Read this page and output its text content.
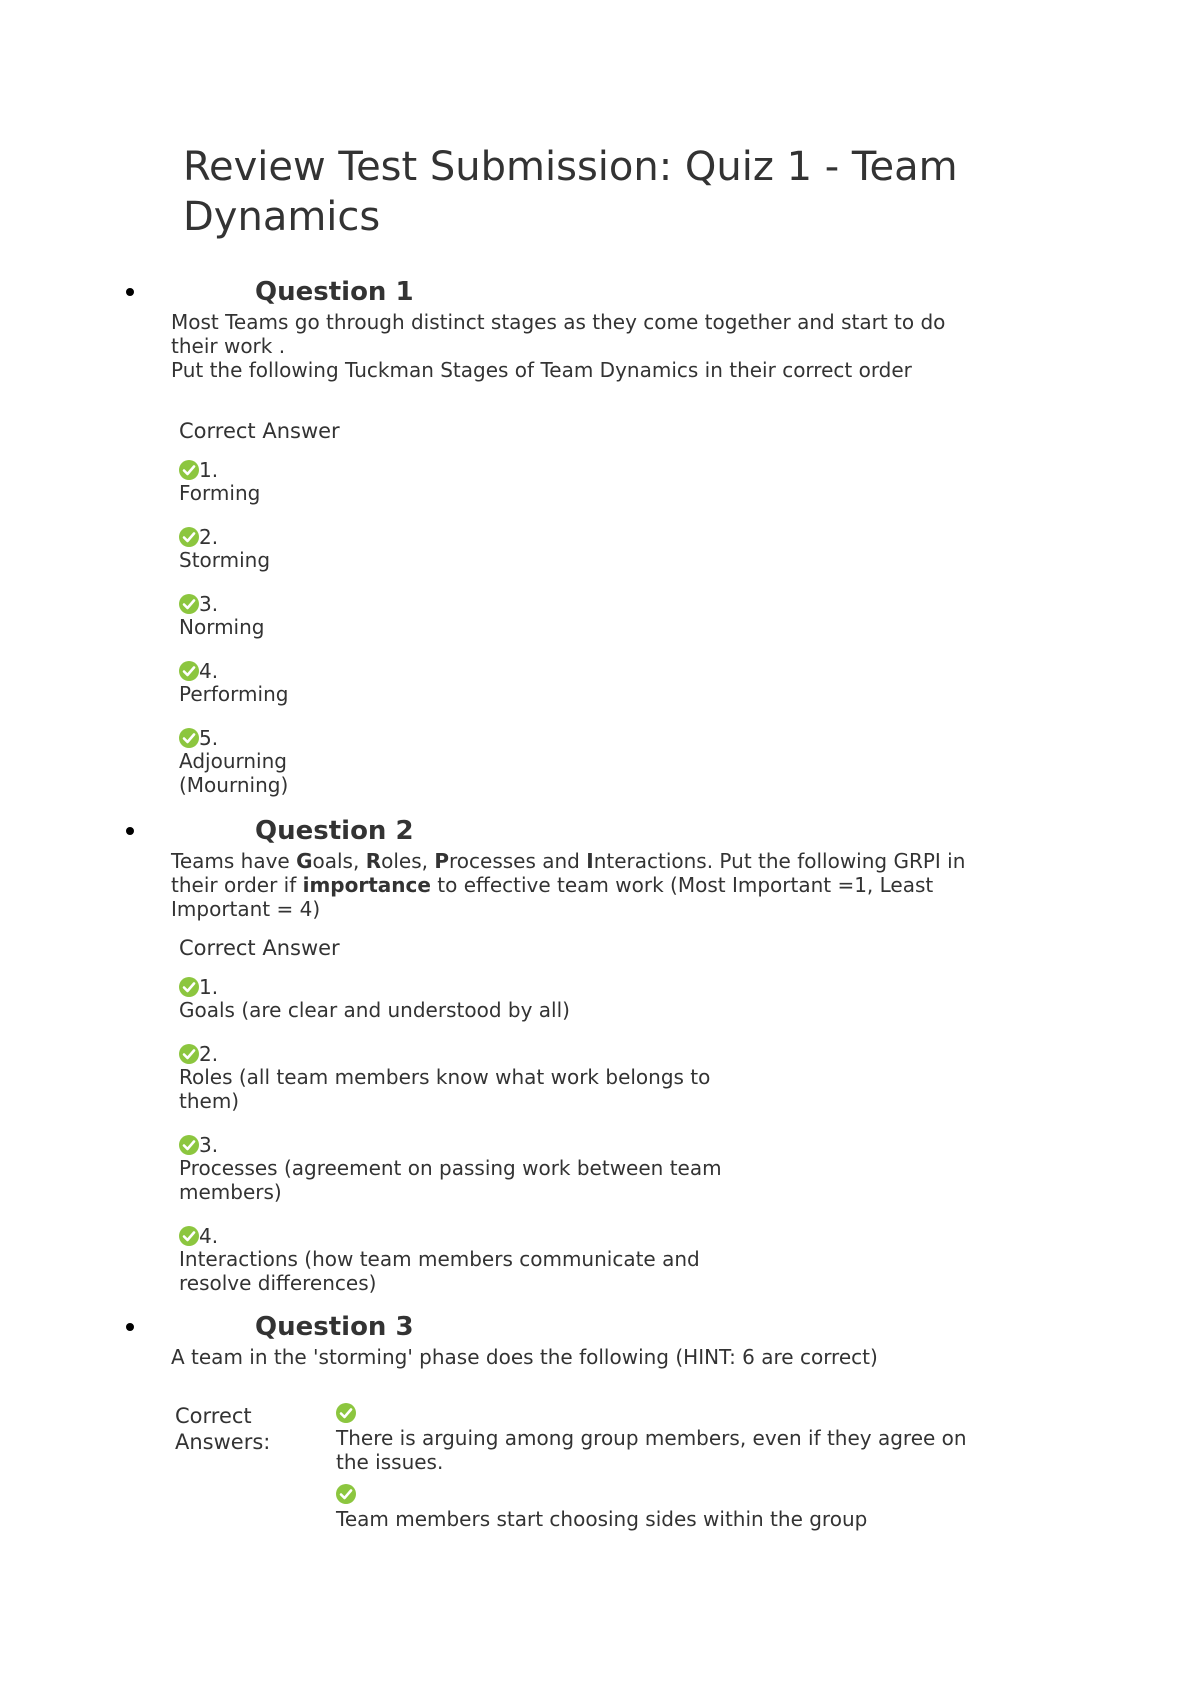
Review Test Submission: Quiz 1 - Team Dynamics
Question 1
Most Teams go through distinct stages as they come together and start to do their work .
Put the following Tuckman Stages of Team Dynamics in their correct order
Correct Answer
1.
Forming
2.
Storming
3.
Norming
4.
Performing
5.
Adjourning (Mourning)
Question 2
Teams have Goals, Roles, Processes and Interactions. Put the following GRPI in their order if importance to effective team work (Most Important =1, Least Important = 4)
Correct Answer
1.
Goals (are clear and understood by all)
2.
Roles (all team members know what work belongs to them)
3.
Processes (agreement on passing work between team members)
4.
Interactions (how team members communicate and resolve differences)
Question 3
A team in the 'storming' phase does the following (HINT: 6 are correct)
Correct Answers:	There is arguing among group members, even if they agree on the issues.
Team members start choosing sides within the group
